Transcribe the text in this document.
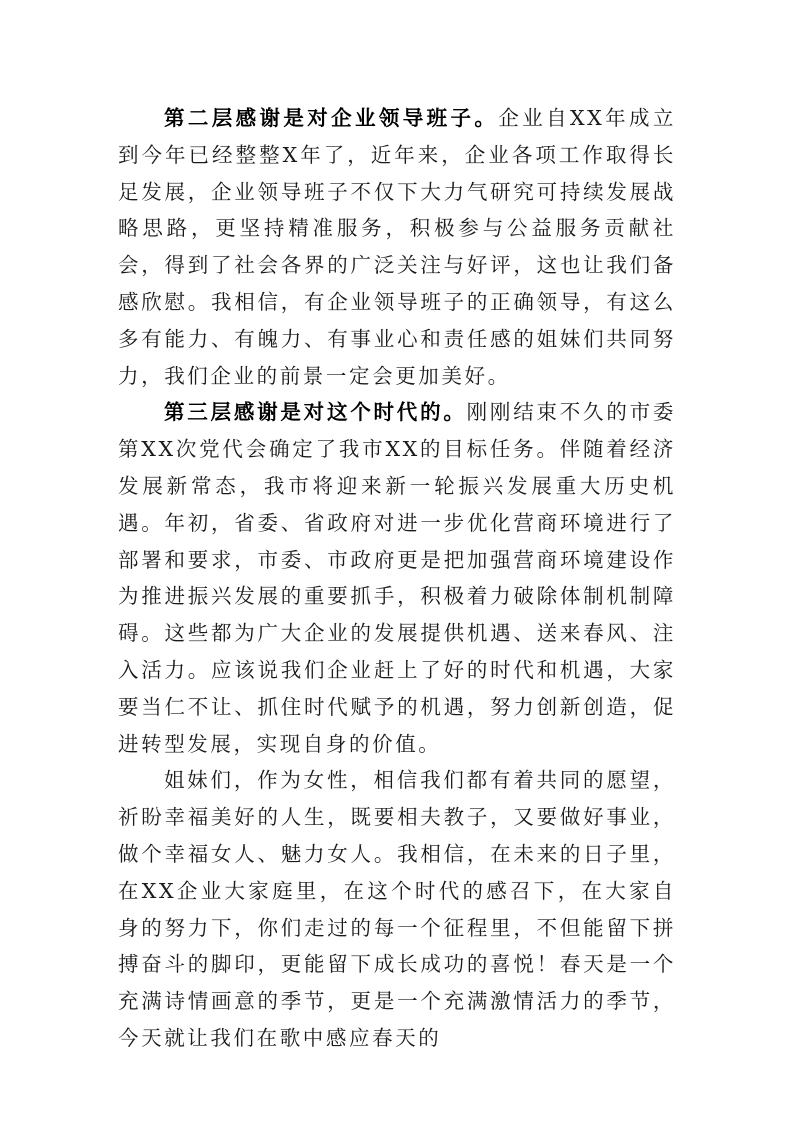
第二层感谢是对企业领导班子。企业自XX年成立到今年已经整整X年了，近年来，企业各项工作取得长足发展，企业领导班子不仅下大力气研究可持续发展战略思路，更坚持精准服务，积极参与公益服务贡献社会，得到了社会各界的广泛关注与好评，这也让我们备感欣慰。我相信，有企业领导班子的正确领导，有这么多有能力、有魄力、有事业心和责任感的姐妹们共同努力，我们企业的前景一定会更加美好。

第三层感谢是对这个时代的。刚刚结束不久的市委第XX次党代会确定了我市XX的目标任务。伴随着经济发展新常态，我市将迎来新一轮振兴发展重大历史机遇。年初，省委、省政府对进一步优化营商环境进行了部署和要求，市委、市政府更是把加强营商环境建设作为推进振兴发展的重要抓手，积极着力破除体制机制障碍。这些都为广大企业的发展提供机遇、送来春风、注入活力。应该说我们企业赶上了好的时代和机遇，大家要当仁不让、抓住时代赋予的机遇，努力创新创造，促进转型发展，实现自身的价值。

姐妹们，作为女性，相信我们都有着共同的愿望，祈盼幸福美好的人生，既要相夫教子，又要做好事业，做个幸福女人、魅力女人。我相信，在未来的日子里，在XX企业大家庭里，在这个时代的感召下，在大家自身的努力下，你们走过的每一个征程里，不但能留下拼搏奋斗的脚印，更能留下成长成功的喜悦！春天是一个充满诗情画意的季节，更是一个充满激情活力的季节，今天就让我们在歌中感应春天的
